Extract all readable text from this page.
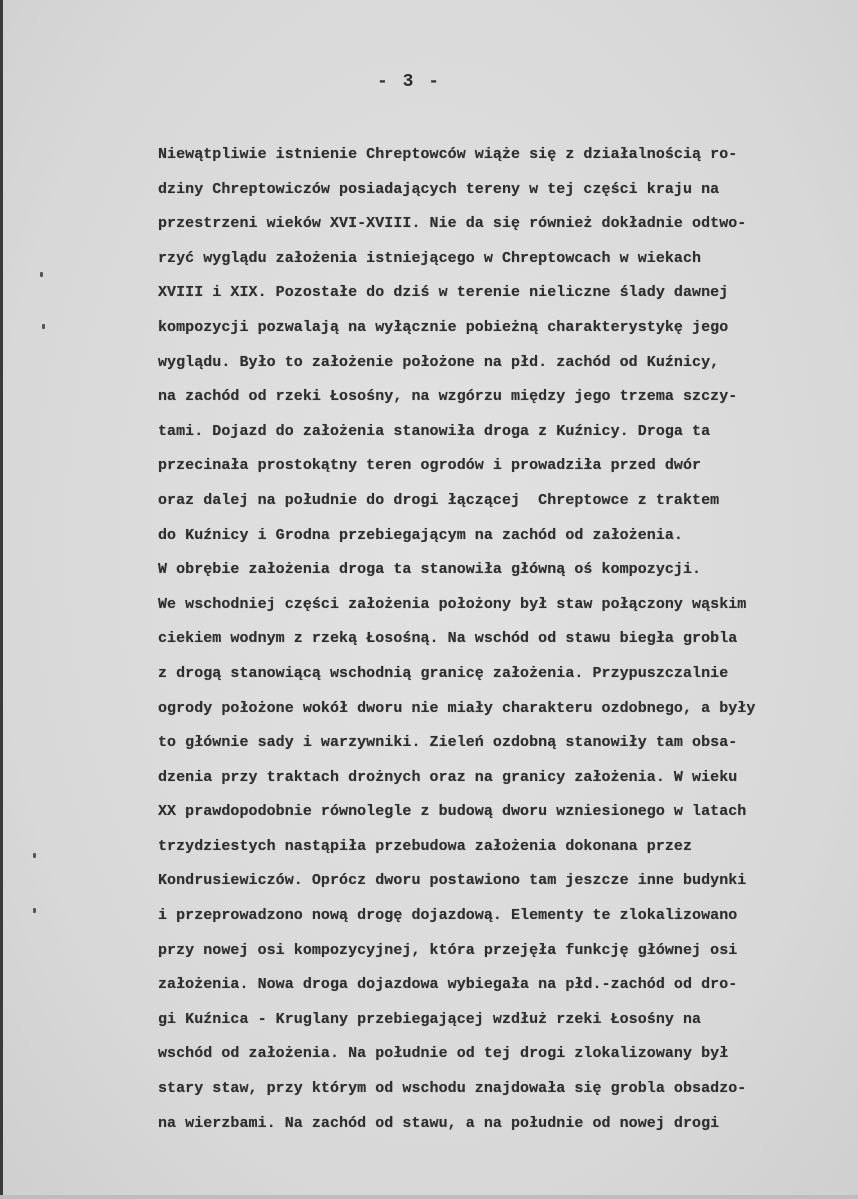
- 3 -
Niewątpliwie istnienie Chreptowców wiąże się z działalnością ro-
dziny Chreptowiczów posiadających tereny w tej części kraju na
przestrzeni wieków XVI-XVIII. Nie da się również dokładnie odtwo-
rzyć wyglądu założenia istniejącego w Chreptowcach w wiekach
XVIII i XIX. Pozostałe do dziś w terenie nieliczne ślady dawnej
kompozycji pozwalają na wyłącznie pobieżną charakterystykę jego
wyglądu. Było to założenie położone na płd. zachód od Kuźnicy,
na zachód od rzeki Łosośny, na wzgórzu między jego trzema szczy-
tami. Dojazd do założenia stanowiła droga z Kuźnicy. Droga ta
przecinała prostokątny teren ogrodów i prowadziła przed dwór
oraz dalej na południe do drogi łączącej  Chreptowce z traktem
do Kuźnicy i Grodna przebiegającym na zachód od założenia.
W obrębie założenia droga ta stanowiła główną oś kompozycji.
We wschodniej części założenia położony był staw połączony wąskim
ciekiem wodnym z rzeką Łosośną. Na wschód od stawu biegła grobla
z drogą stanowiącą wschodnią granicę założenia. Przypuszczalnie
ogrody położone wokół dworu nie miały charakteru ozdobnego, a były
to głównie sady i warzywniki. Zieleń ozdobną stanowiły tam obsa-
dzenia przy traktach drożnych oraz na granicy założenia. W wieku
XX prawdopodobnie równolegle z budową dworu wzniesionego w latach
trzydziestych nastąpiła przebudowa założenia dokonana przez
Kondrusiewiczów. Oprócz dworu postawiono tam jeszcze inne budynki
i przeprowadzono nową drogę dojazdową. Elementy te zlokalizowano
przy nowej osi kompozycyjnej, która przejęła funkcję głównej osi
założenia. Nowa droga dojazdowa wybiegała na płd.-zachód od dro-
gi Kuźnica - Kruglany przebiegającej wzdłuż rzeki Łosośny na
wschód od założenia. Na południe od tej drogi zlokalizowany był
stary staw, przy którym od wschodu znajdowała się grobla obsadzo-
na wierzbami. Na zachód od stawu, a na południe od nowej drogi
